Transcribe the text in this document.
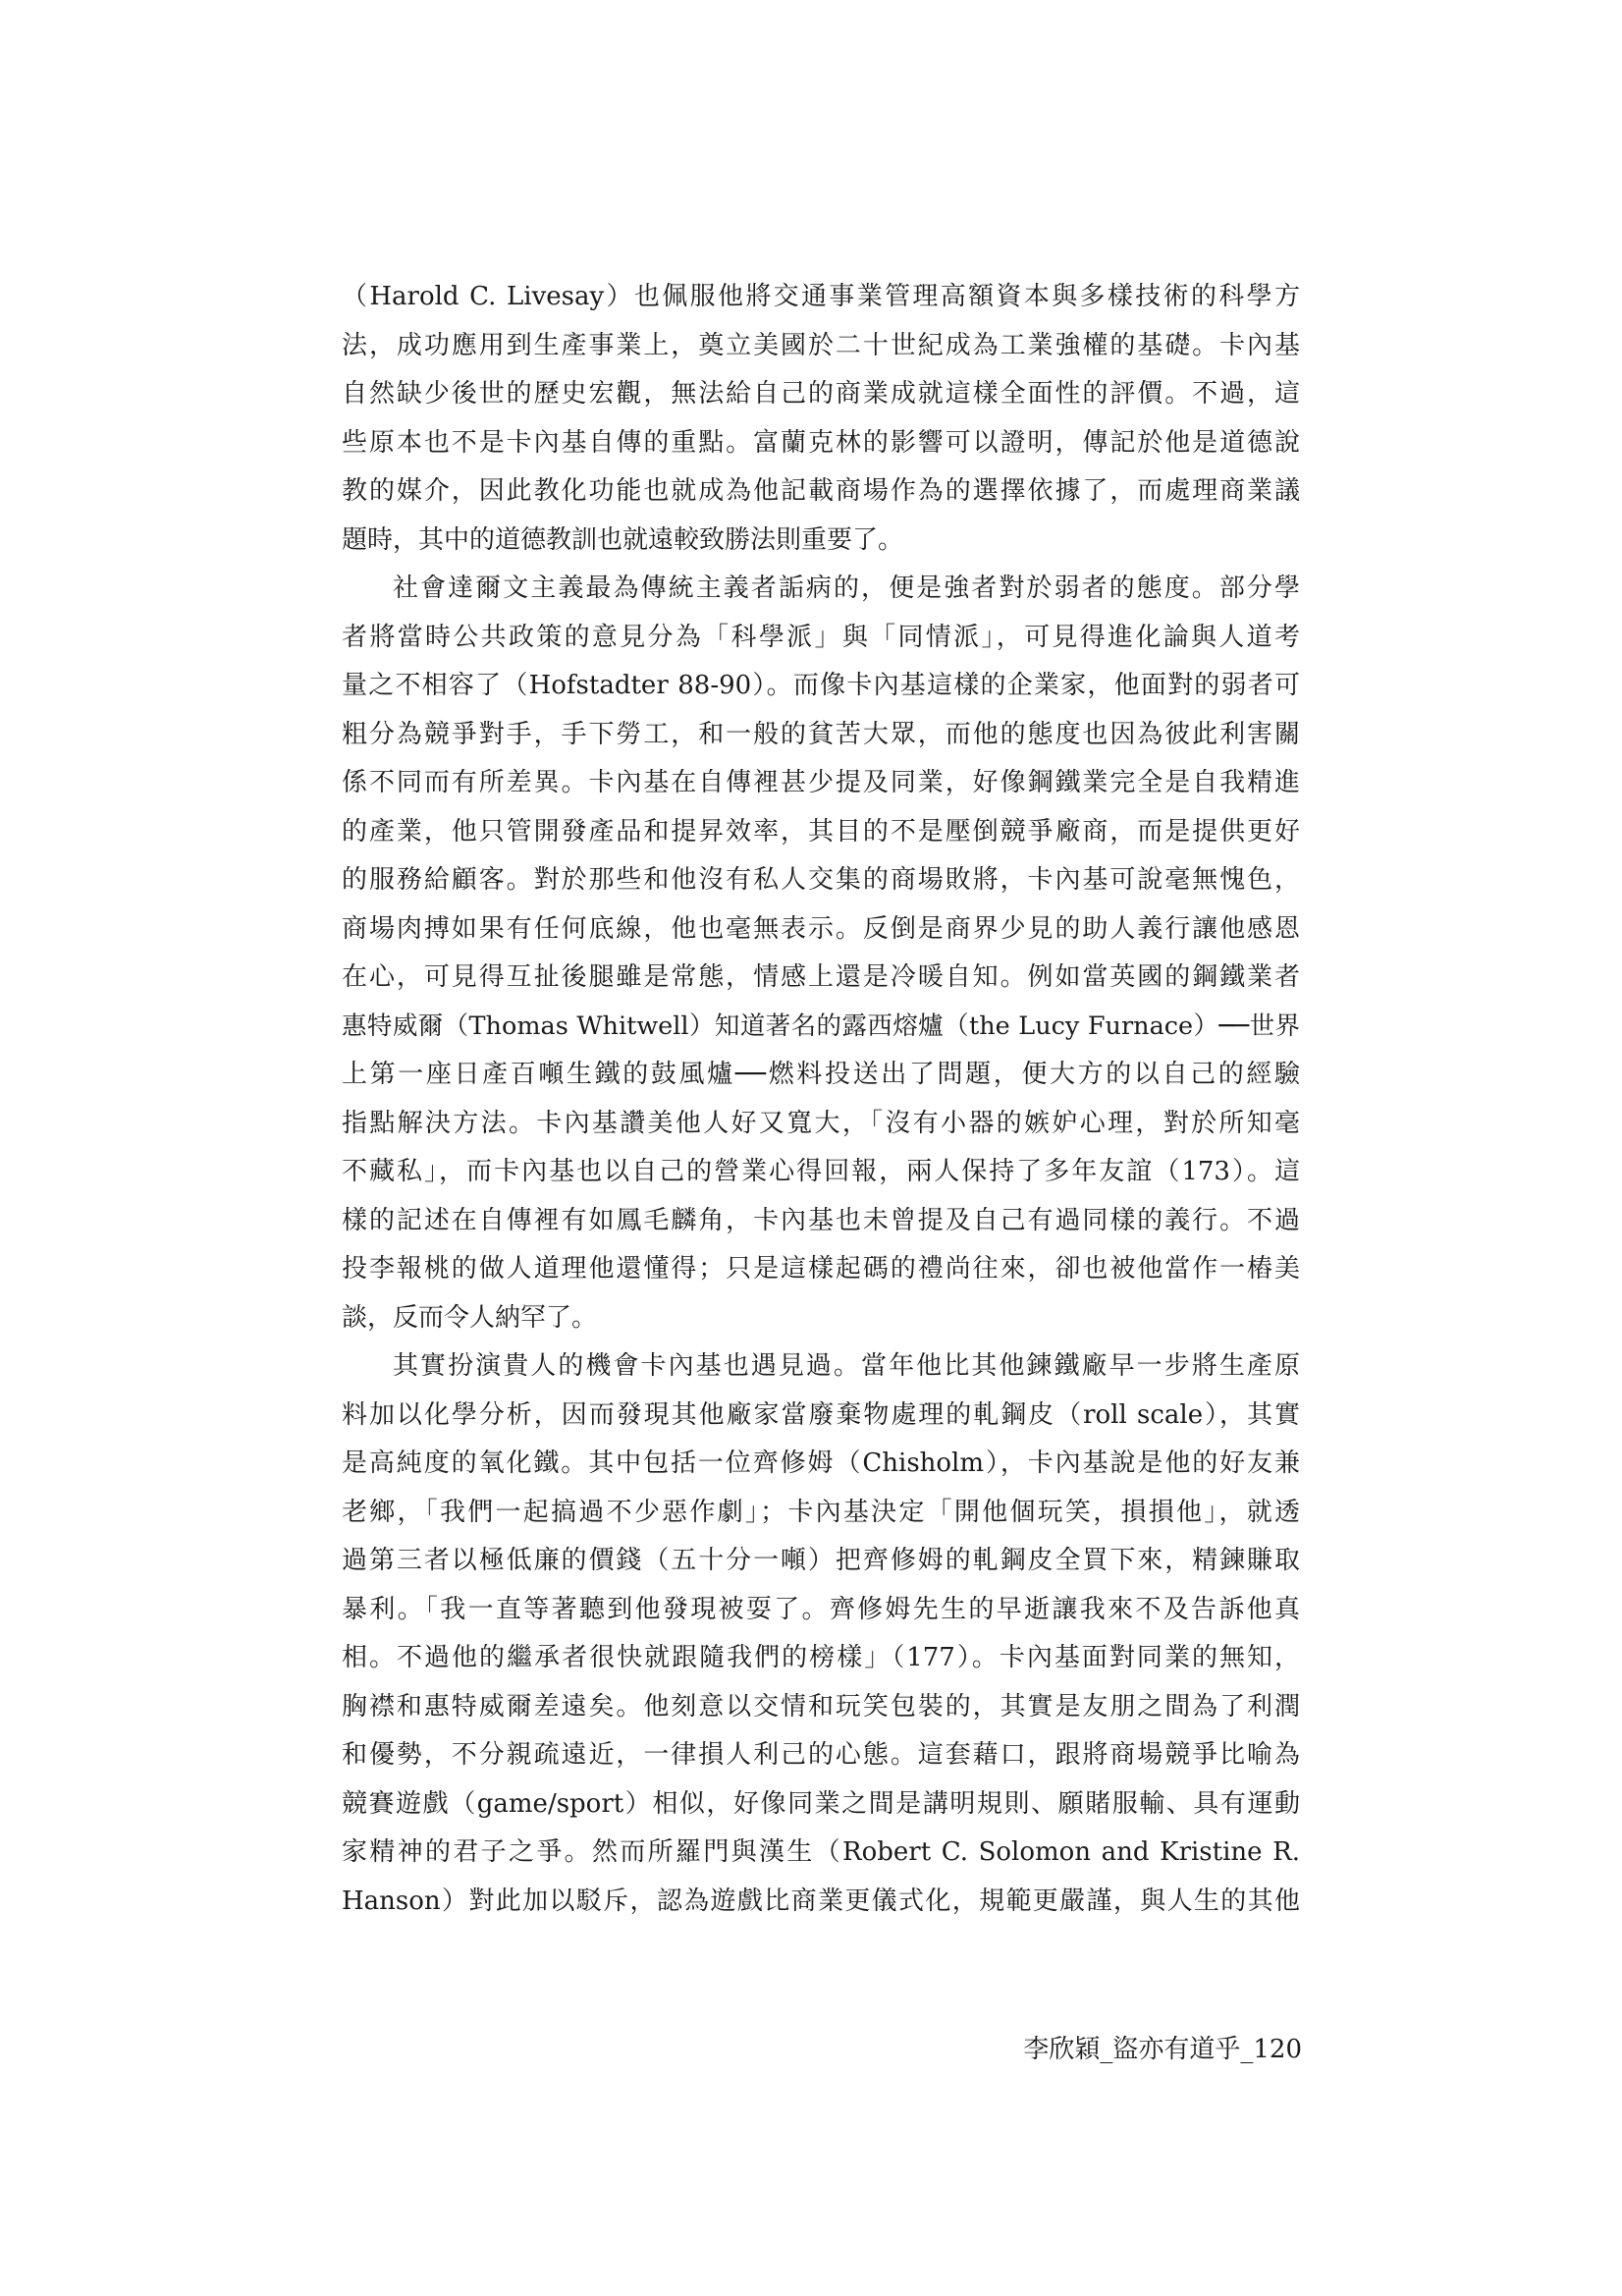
（Harold C. Livesay）也佩服他將交通事業管理高額資本與多樣技術的科學方
法，成功應用到生產事業上，奠立美國於二十世紀成為工業強權的基礎。卡內基
自然缺少後世的歷史宏觀，無法給自己的商業成就這樣全面性的評價。不過，這
些原本也不是卡內基自傳的重點。富蘭克林的影響可以證明，傳記於他是道德說
教的媒介，因此教化功能也就成為他記載商場作為的選擇依據了，而處理商業議
題時，其中的道德教訓也就遠較致勝法則重要了。
社會達爾文主義最為傳統主義者詬病的，便是強者對於弱者的態度。部分學
者將當時公共政策的意見分為「科學派」與「同情派」，可見得進化論與人道考
量之不相容了（Hofstadter 88-90）。而像卡內基這樣的企業家，他面對的弱者可
粗分為競爭對手，手下勞工，和一般的貧苦大眾，而他的態度也因為彼此利害關
係不同而有所差異。卡內基在自傳裡甚少提及同業，好像鋼鐵業完全是自我精進
的產業，他只管開發產品和提昇效率，其目的不是壓倒競爭廠商，而是提供更好
的服務給顧客。對於那些和他沒有私人交集的商場敗將，卡內基可說毫無愧色，
商場肉搏如果有任何底線，他也毫無表示。反倒是商界少見的助人義行讓他感恩
在心，可見得互扯後腿雖是常態，情感上還是冷暖自知。例如當英國的鋼鐵業者
惠特威爾（Thomas Whitwell）知道著名的露西熔爐（the Lucy Furnace）──世界
上第一座日產百噸生鐵的鼓風爐──燃料投送出了問題，便大方的以自己的經驗
指點解決方法。卡內基讚美他人好又寬大，「沒有小器的嫉妒心理，對於所知毫
不藏私」，而卡內基也以自己的營業心得回報，兩人保持了多年友誼（173）。這
樣的記述在自傳裡有如鳳毛麟角，卡內基也未曾提及自己有過同樣的義行。不過
投李報桃的做人道理他還懂得；只是這樣起碼的禮尚往來，卻也被他當作一樁美
談，反而令人納罕了。
其實扮演貴人的機會卡內基也遇見過。當年他比其他鍊鐵廠早一步將生產原
料加以化學分析，因而發現其他廠家當廢棄物處理的軋鋼皮（roll scale），其實
是高純度的氧化鐵。其中包括一位齊修姆（Chisholm），卡內基說是他的好友兼
老鄉，「我們一起搞過不少惡作劇」；卡內基決定「開他個玩笑，損損他」，就透
過第三者以極低廉的價錢（五十分一噸）把齊修姆的軋鋼皮全買下來，精鍊賺取
暴利。「我一直等著聽到他發現被耍了。齊修姆先生的早逝讓我來不及告訴他真
相。不過他的繼承者很快就跟隨我們的榜樣」（177）。卡內基面對同業的無知，
胸襟和惠特威爾差遠矣。他刻意以交情和玩笑包裝的，其實是友朋之間為了利潤
和優勢，不分親疏遠近，一律損人利己的心態。這套藉口，跟將商場競爭比喻為
競賽遊戲（game/sport）相似，好像同業之間是講明規則、願賭服輸、具有運動
家精神的君子之爭。然而所羅門與漢生（Robert C. Solomon and Kristine R.
Hanson）對此加以駁斥，認為遊戲比商業更儀式化，規範更嚴謹，與人生的其他
李欣穎_盜亦有道乎_120
